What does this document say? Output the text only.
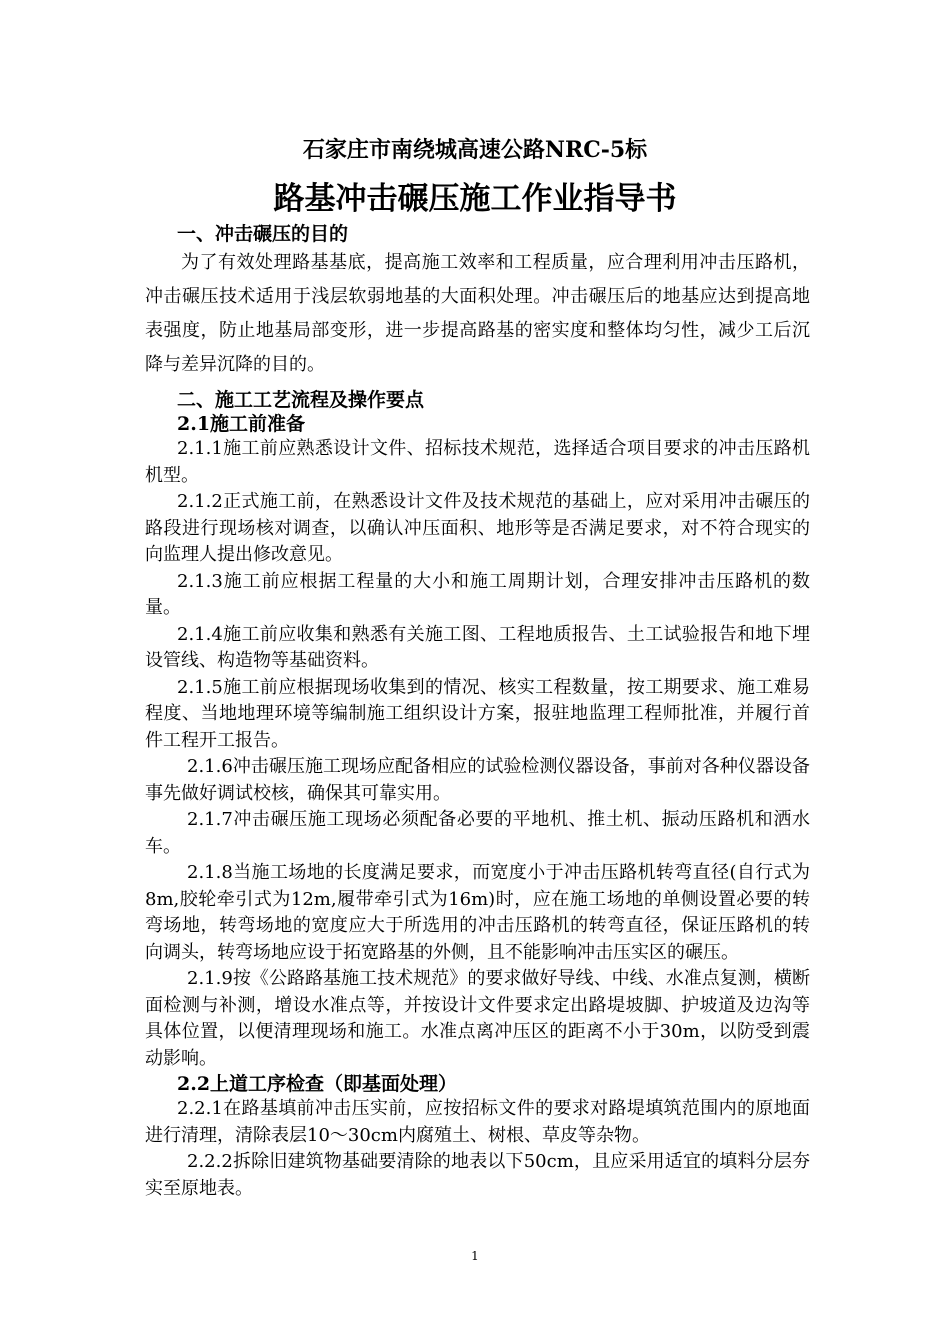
石家庄市南绕城高速公路NRC-5标
路基冲击碾压施工作业指导书
一、冲击碾压的目的

为了有效处理路基基底，提高施工效率和工程质量，应合理利用冲击压路机，冲击碾压技术适用于浅层软弱地基的大面积处理。冲击碾压后的地基应达到提高地表强度，防止地基局部变形，进一步提高路基的密实度和整体均匀性，减少工后沉降与差异沉降的目的。

二、施工工艺流程及操作要点
2.1施工前准备

2.1.1施工前应熟悉设计文件、招标技术规范，选择适合项目要求的冲击压路机机型。

2.1.2正式施工前，在熟悉设计文件及技术规范的基础上，应对采用冲击碾压的路段进行现场核对调查，以确认冲压面积、地形等是否满足要求，对不符合现实的向监理人提出修改意见。

2.1.3施工前应根据工程量的大小和施工周期计划，合理安排冲击压路机的数量。

2.1.4施工前应收集和熟悉有关施工图、工程地质报告、土工试验报告和地下埋设管线、构造物等基础资料。

2.1.5施工前应根据现场收集到的情况、核实工程数量，按工期要求、施工难易程度、当地地理环境等编制施工组织设计方案，报驻地监理工程师批准，并履行首件工程开工报告。

2.1.6冲击碾压施工现场应配备相应的试验检测仪器设备，事前对各种仪器设备事先做好调试校核，确保其可靠实用。

2.1.7冲击碾压施工现场必须配备必要的平地机、推土机、振动压路机和洒水车。

2.1.8当施工场地的长度满足要求，而宽度小于冲击压路机转弯直径(自行式为8m,胶轮牵引式为12m,履带牵引式为16m)时，应在施工场地的单侧设置必要的转弯场地，转弯场地的宽度应大于所选用的冲击压路机的转弯直径，保证压路机的转向调头，转弯场地应设于拓宽路基的外侧，且不能影响冲击压实区的碾压。

2.1.9按《公路路基施工技术规范》的要求做好导线、中线、水准点复测，横断面检测与补测，增设水准点等，并按设计文件要求定出路堤坡脚、护坡道及边沟等具体位置，以便清理现场和施工。水准点离冲压区的距离不小于30m，以防受到震动影响。

2.2上道工序检查（即基面处理）

2.2.1在路基填前冲击压实前，应按招标文件的要求对路堤填筑范围内的原地面进行清理，清除表层10～30cm内腐殖土、树根、草皮等杂物。

2.2.2拆除旧建筑物基础要清除的地表以下50cm，且应采用适宜的填料分层夯实至原地表。

1
